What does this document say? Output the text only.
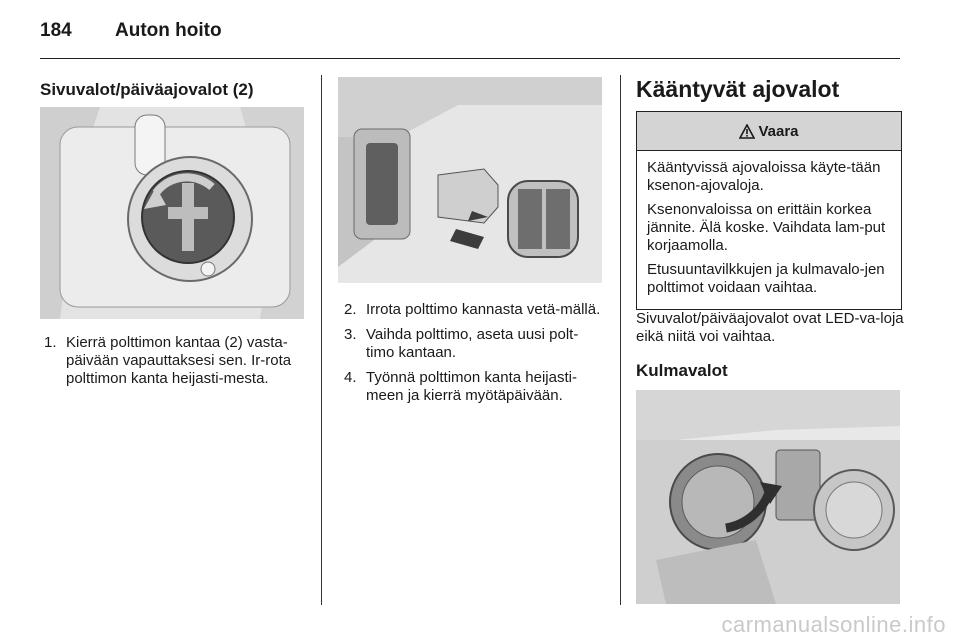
184 Auton hoito
Sivuvalot/päiväajovalot (2)
1. Kierrä polttimon kantaa (2) vasta-päivään vapauttaksesi sen. Ir-rota polttimon kanta heijasti-mesta.
2. Irrota polttimo kannasta vetä-mällä.
3. Vaihda polttimo, aseta uusi polt-timo kantaan.
4. Työnnä polttimon kanta heijasti-meen ja kierrä myötäpäivään.
Kääntyvät ajovalot
Vaara

Kääntyvissä ajovaloissa käyte-tään ksenon-ajovaloja.

Ksenonvaloissa on erittäin korkea jännite. Älä koske. Vaihdata lam-put korjaamolla.

Etusuuntavilkkujen ja kulmavalo-jen polttimot voidaan vaihtaa.

Sivuvalot/päiväajovalot ovat LED-va-loja eikä niitä voi vaihtaa.
Kulmavalot
carmanualsonline.info
